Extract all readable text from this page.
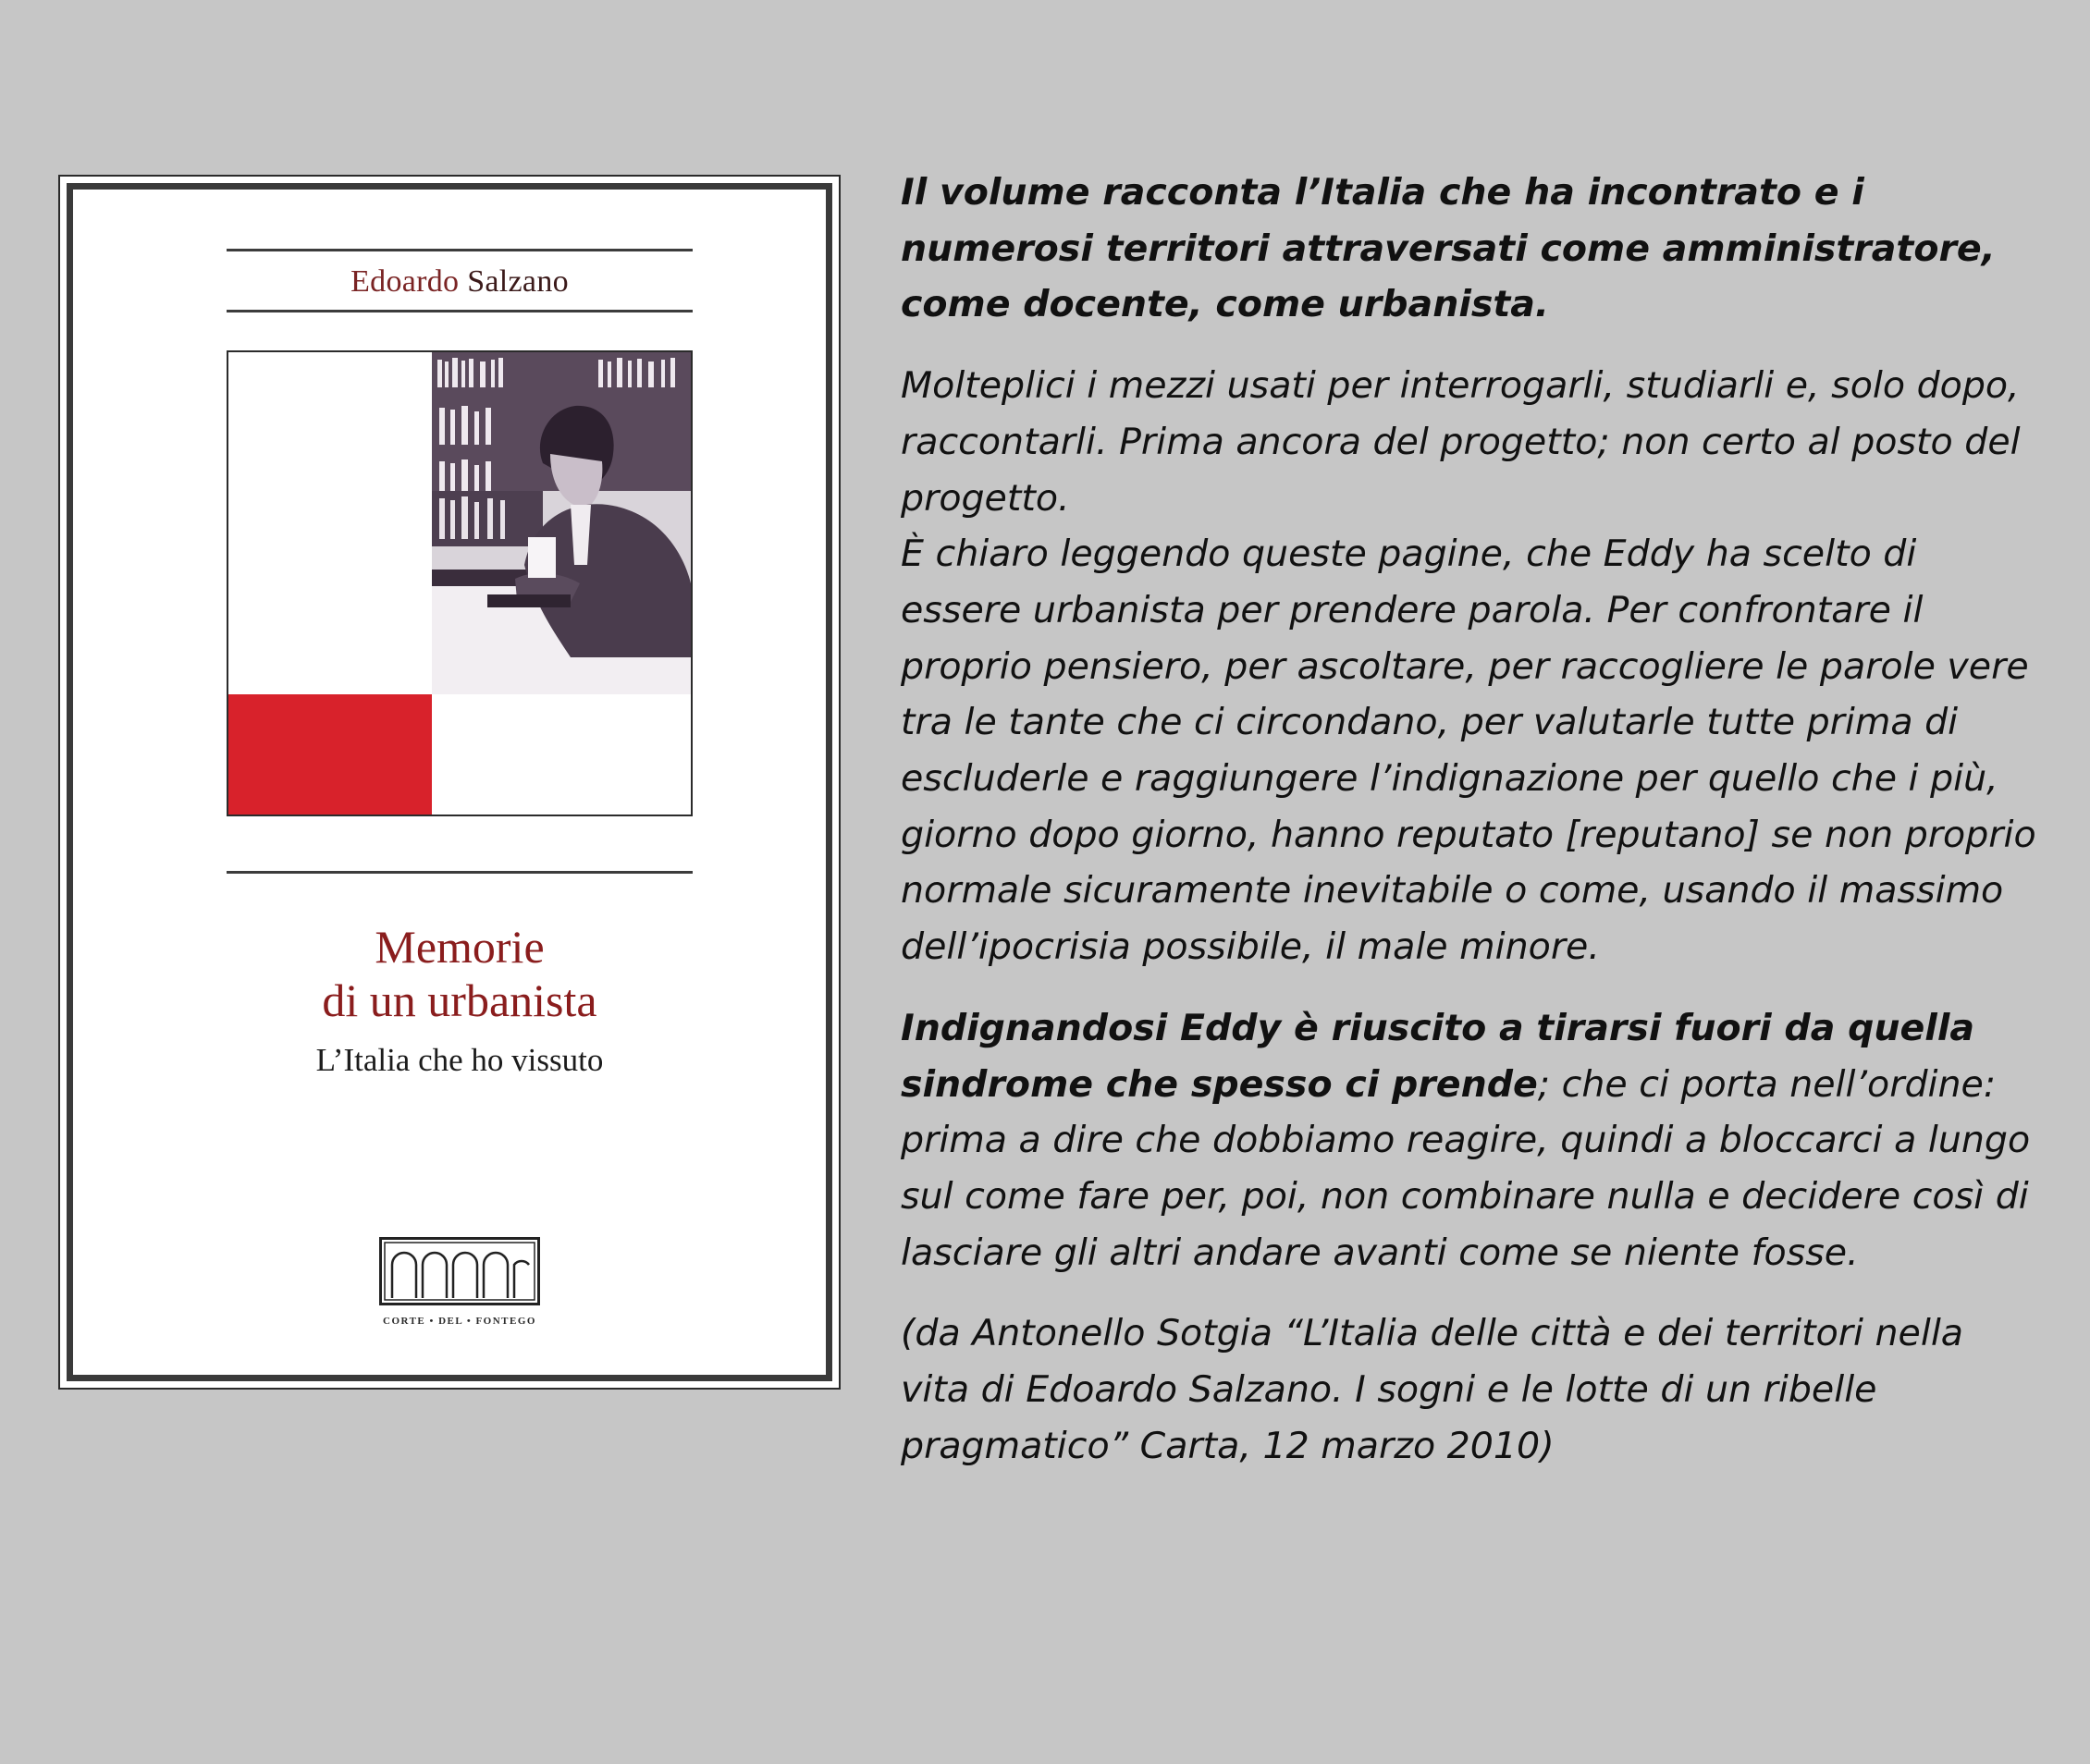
Edoardo Salzano
Memorie
di un urbanista
L’Italia che ho vissuto
CORTE • DEL • FONTEGO

Il volume racconta l’Italia che ha incontrato e i numerosi territori attraversati come amministratore, come docente, come urbanista.

Molteplici i mezzi usati per interrogarli, studiarli e, solo dopo, raccontarli. Prima ancora del progetto; non certo al posto del progetto.

È chiaro leggendo queste pagine, che Eddy ha scelto di essere urbanista per prendere parola. Per confrontare il proprio pensiero, per ascoltare, per raccogliere le parole vere tra le tante che ci circondano, per valutarle tutte prima di escluderle e raggiungere l’indignazione per quello che i più, giorno dopo giorno, hanno reputato [reputano] se non proprio normale sicuramente inevitabile o come, usando il massimo dell’ipocrisia possibile, il male minore.

Indignandosi Eddy è riuscito a tirarsi fuori da quella sindrome che spesso ci prende; che ci porta nell’ordine: prima a dire che dobbiamo reagire, quindi a bloccarci a lungo sul come fare per, poi, non combinare nulla e decidere così di lasciare gli altri andare avanti come se niente fosse.

(da Antonello Sotgia “L’Italia delle città e dei territori nella vita di Edoardo Salzano. I sogni e le lotte di un ribelle pragmatico” Carta, 12 marzo 2010)
